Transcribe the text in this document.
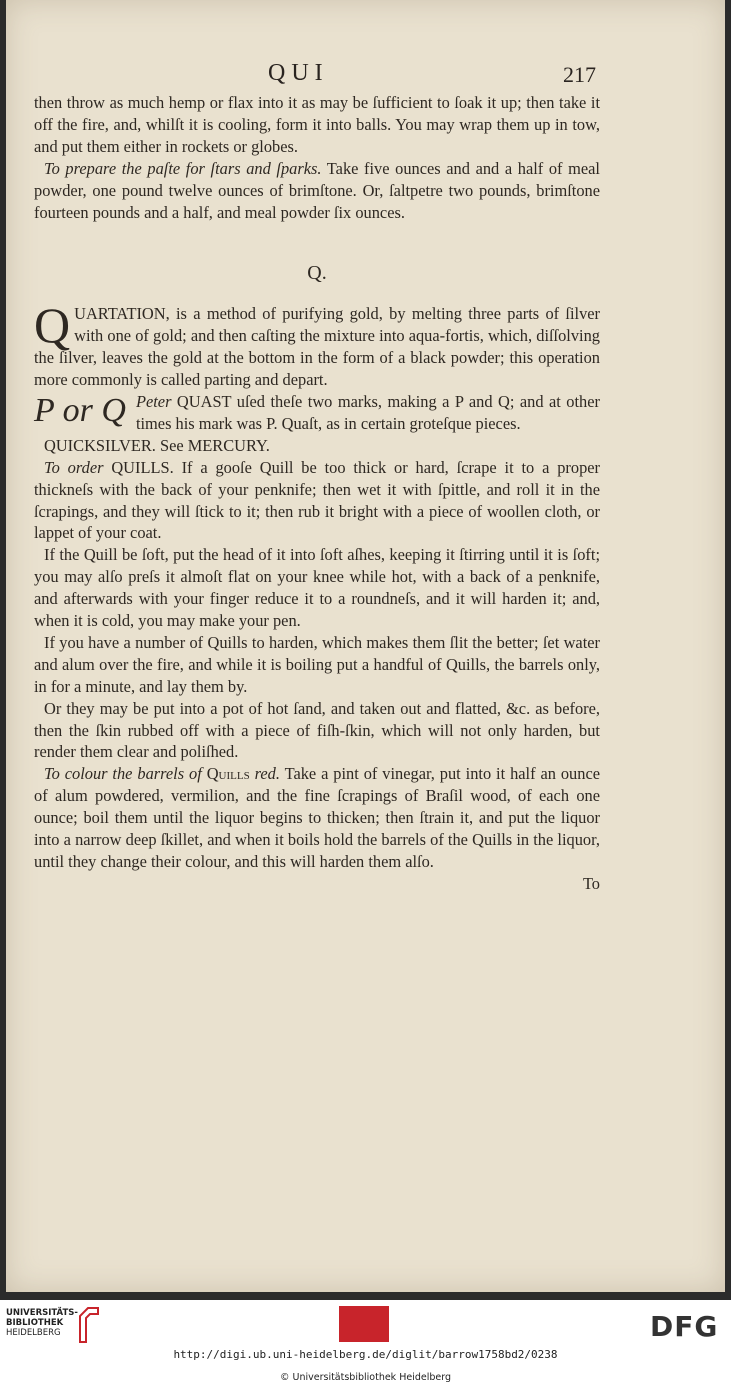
QUI	217

then throw as much hemp or flax into it as may be ſufficient to ſoak it up; then take it off the fire, and, whilſt it is cooling, form it into balls. You may wrap them up in tow, and put them either in rockets or globes.

To prepare the paſte for ſtars and ſparks. Take five ounces and and a half of meal powder, one pound twelve ounces of brimſtone. Or, ſaltpetre two pounds, brimſtone fourteen pounds and a half, and meal powder ſix ounces.

Q.

QUARTATION, is a method of purifying gold, by melting three parts of ſilver with one of gold; and then caſting the mixture into aqua-fortis, which, diſſolving the ſilver, leaves the gold at the bottom in the form of a black powder; this operation more commonly is called parting and depart.

P or Q Peter QUAST uſed theſe two marks, making a P and Q; and at other times his mark was P. Quaſt, as in certain groteſque pieces.

QUICKSILVER. See MERCURY.

To order QUILLS. If a gooſe Quill be too thick or hard, ſcrape it to a proper thickneſs with the back of your penknife; then wet it with ſpittle, and roll it in the ſcrapings, and they will ſtick to it; then rub it bright with a piece of woollen cloth, or lappet of your coat.

If the Quill be ſoft, put the head of it into ſoft aſhes, keeping it ſtirring until it is ſoft; you may alſo preſs it almoſt flat on your knee while hot, with a back of a penknife, and afterwards with your finger reduce it to a roundneſs, and it will harden it; and, when it is cold, you may make your pen.

If you have a number of Quills to harden, which makes them ſlit the better; ſet water and alum over the fire, and while it is boiling put a handful of Quills, the barrels only, in for a minute, and lay them by.

Or they may be put into a pot of hot ſand, and taken out and flatted, &c. as before, then the ſkin rubbed off with a piece of fiſh-ſkin, which will not only harden, but render them clear and poliſhed.

To colour the barrels of Quills red. Take a pint of vinegar, put into it half an ounce of alum powdered, vermilion, and the fine ſcrapings of Braſil wood, of each one ounce; boil them until the liquor begins to thicken; then ſtrain it, and put the liquor into a narrow deep ſkillet, and when it boils hold the barrels of the Quills in the liquor, until they change their colour, and this will harden them alſo.

To

UNIVERSITÄTS-
BIBLIOTHEK
HEIDELBERG	DFG
http://digi.ub.uni-heidelberg.de/diglit/barrow1758bd2/0238
© Universitätsbibliothek Heidelberg
